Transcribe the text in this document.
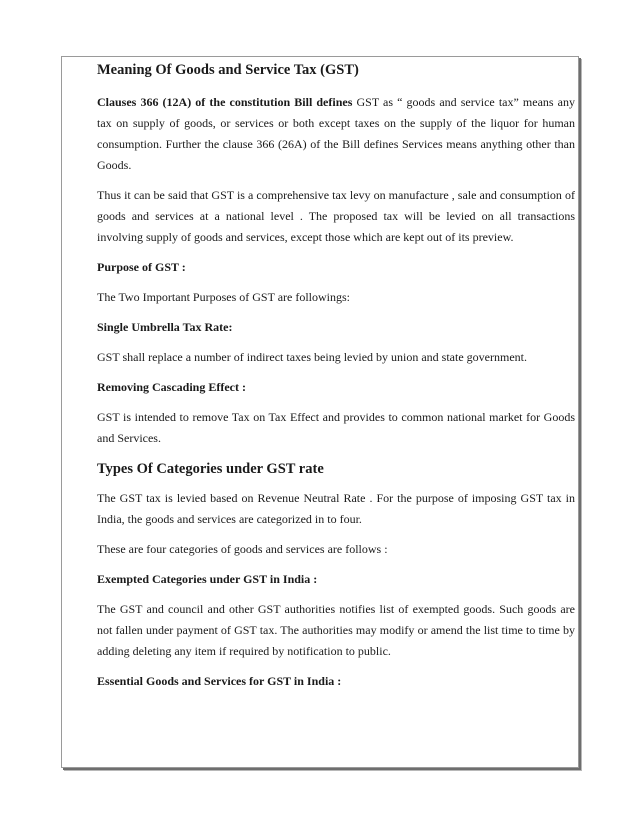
Meaning Of Goods and Service Tax (GST)

Clauses 366 (12A) of the constitution Bill defines GST as “ goods and service tax” means any tax on supply of goods, or services or both except taxes on the supply of the liquor for human consumption. Further the clause 366 (26A) of the Bill defines Services means anything other than Goods.

Thus it can be said that GST is a comprehensive tax levy on manufacture , sale and consumption of goods and services at a national level . The proposed tax will be levied on all transactions involving supply of goods and services, except those which are kept out of its preview.

Purpose of GST :

The Two Important Purposes of GST are followings:

Single Umbrella Tax Rate:

GST shall replace a number of indirect taxes being levied by union and state government.

Removing Cascading Effect :

GST is intended to remove Tax on Tax Effect and provides to common national market for Goods and Services.

Types Of Categories under GST rate

The GST tax is levied based on Revenue Neutral Rate . For the purpose of imposing GST tax in India, the goods and services are categorized in to four.

These are four categories of goods and services are follows :

Exempted Categories under GST in India :

The GST and council and other GST authorities notifies list of exempted goods. Such goods are not fallen under payment of GST tax. The authorities may modify or amend the list time to time by adding deleting any item if required by notification to public.

Essential Goods and Services for GST in India :
